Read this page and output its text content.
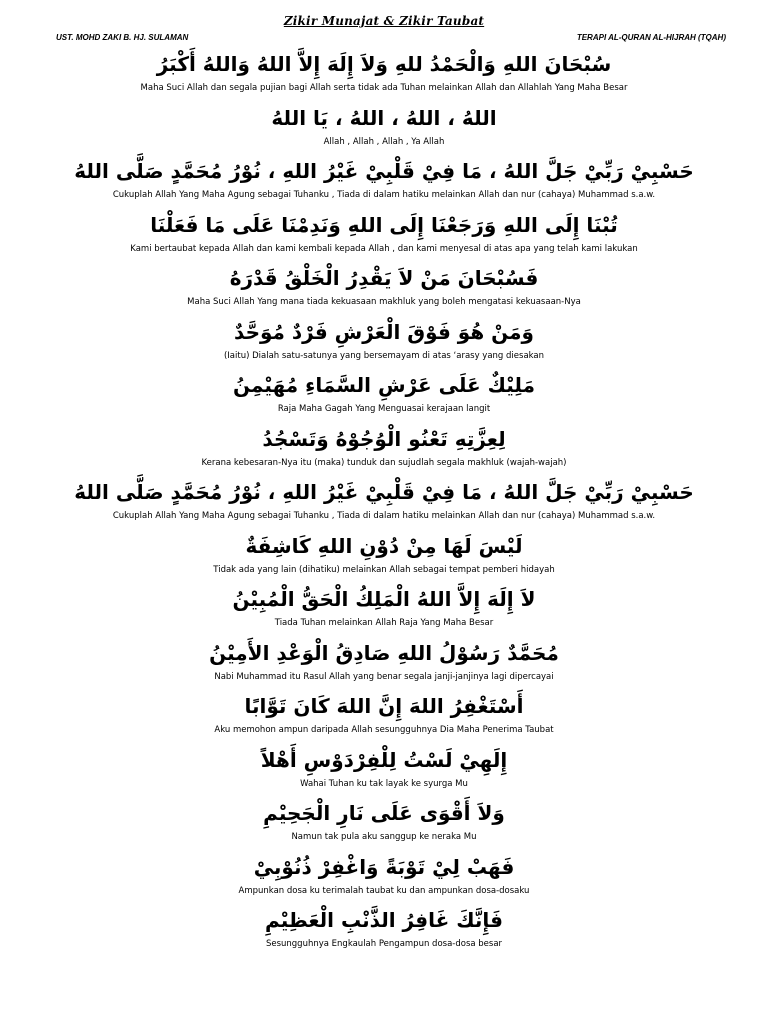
Zikir Munajat & Zikir Taubat
UST. MOHD ZAKI B. HJ. SULAMAN	TERAPI AL-QURAN AL-HIJRAH (TQAH)
سُبْحَانَ اللهِ وَالْحَمْدُ للهِ وَلاَ إِلَهَ إِلاَّ اللهُ وَاللهُ أَكْبَرُ
Maha Suci Allah dan segala pujian bagi Allah serta tidak ada Tuhan melainkan Allah dan Allahlah Yang Maha Besar
اللهُ ، اللهُ ، اللهُ ، يَا اللهُ
Allah , Allah , Allah , Ya Allah
حَسْبِيْ رَبِّيْ جَلَّ اللهُ ، مَا فِيْ قَلْبِيْ غَيْرُ اللهِ ، نُوْرُ مُحَمَّدٍ صَلَّى اللهُ
Cukuplah Allah Yang Maha Agung sebagai Tuhanku , Tiada di dalam hatiku melainkan Allah dan nur (cahaya) Muhammad s.a.w.
تُبْنَا إِلَى اللهِ وَرَجَعْنَا إِلَى اللهِ وَنَدِمْنَا عَلَى مَا فَعَلْنَا
Kami bertaubat kepada Allah dan kami kembali kepada Allah , dan kami menyesal di atas apa yang telah kami lakukan
فَسُبْحَانَ مَنْ لاَ يَقْدِرُ الْخَلْقُ قَدْرَهُ
Maha Suci Allah Yang mana tiada kekuasaan makhluk yang boleh mengatasi kekuasaan-Nya
وَمَنْ هُوَ فَوْقَ الْعَرْشِ فَرْدٌ مُوَحَّدٌ
(Iaitu) Dialah satu-satunya yang bersemayam di atas ‘arasy yang diesakan
مَلِيْكٌ عَلَى عَرْشِ السَّمَاءِ مُهَيْمِنُ
Raja Maha Gagah Yang Menguasai kerajaan langit
لِعِزَّتِهِ تَعْنُو الْوُجُوْهُ وَتَسْجُدُ
Kerana kebesaran-Nya itu (maka) tunduk dan sujudlah segala makhluk (wajah-wajah)
حَسْبِيْ رَبِّيْ جَلَّ اللهُ ، مَا فِيْ قَلْبِيْ غَيْرُ اللهِ ، نُوْرُ مُحَمَّدٍ صَلَّى اللهُ
Cukuplah Allah Yang Maha Agung sebagai Tuhanku , Tiada di dalam hatiku melainkan Allah dan nur (cahaya) Muhammad s.a.w.
لَيْسَ لَهَا مِنْ دُوْنِ اللهِ كَاشِفَةٌ
Tidak ada yang lain (dihatiku) melainkan Allah sebagai tempat pemberi hidayah
لاَ إِلَهَ إِلاَّ اللهُ الْمَلِكُ الْحَقُّ الْمُبِيْنُ
Tiada Tuhan melainkan Allah Raja Yang Maha Besar
مُحَمَّدٌ رَسُوْلُ اللهِ صَادِقُ الْوَعْدِ الأَمِيْنُ
Nabi Muhammad itu Rasul Allah yang benar segala janji-janjinya lagi dipercayai
أَسْتَغْفِرُ اللهَ إِنَّ اللهَ كَانَ تَوَّابًا
Aku memohon ampun daripada Allah sesungguhnya Dia Maha Penerima Taubat
إِلَهِيْ لَسْتُ لِلْفِرْدَوْسِ أَهْلاً
Wahai Tuhan ku tak layak ke syurga Mu
وَلاَ أَقْوَى عَلَى نَارِ الْجَحِيْمِ
Namun tak pula aku sanggup ke neraka Mu
فَهَبْ لِيْ تَوْبَةً وَاغْفِرْ ذُنُوْبِيْ
Ampunkan dosa ku terimalah taubat ku dan ampunkan dosa-dosaku
فَإِنَّكَ غَافِرُ الذَّنْبِ الْعَظِيْمِ
Sesungguhnya Engkaulah Pengampun dosa-dosa besar
